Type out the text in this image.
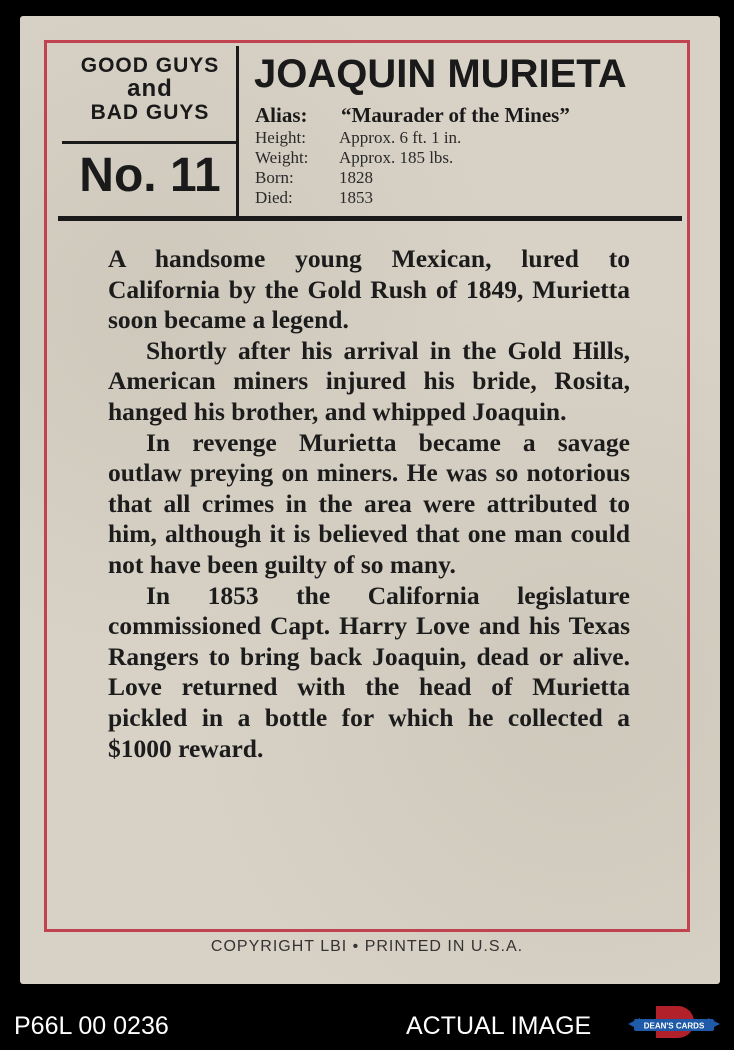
GOOD GUYS
and
BAD GUYS
No. 11
JOAQUIN MURIETA
Alias:	“Maurader of the Mines”
Height:	Approx. 6 ft. 1 in.
Weight:	Approx. 185 lbs.
Born:	1828
Died:	1853

A handsome young Mexican, lured to California by the Gold Rush of 1849, Murietta soon became a legend.

Shortly after his arrival in the Gold Hills, American miners injured his bride, Rosita, hanged his brother, and whipped Joaquin.

In revenge Murietta became a savage outlaw preying on miners. He was so notorious that all crimes in the area were attributed to him, although it is believed that one man could not have been guilty of so many.

In 1853 the California legislature commissioned Capt. Harry Love and his Texas Rangers to bring back Joaquin, dead or alive. Love returned with the head of Murietta pickled in a bottle for which he collected a $1000 reward.

COPYRIGHT LBI • PRINTED IN U.S.A.
P66L 00 0236	ACTUAL IMAGE	DEAN'S CARDS
